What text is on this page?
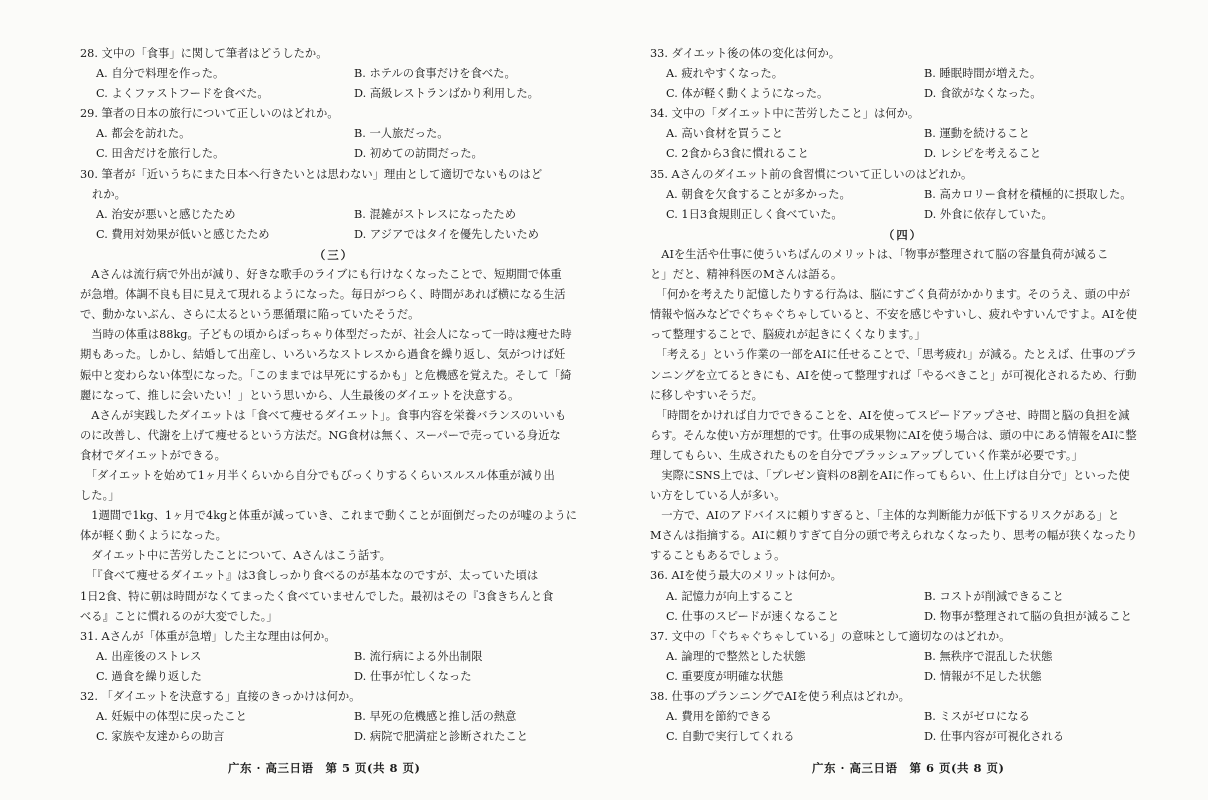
28. 文中の「食事」に関して筆者はどうしたか。
A. 自分で料理を作った。	B. ホテルの食事だけを食べた。
C. よくファストフードを食べた。	D. 高級レストランばかり利用した。
29. 筆者の日本の旅行について正しいのはどれか。
A. 都会を訪れた。	B. 一人旅だった。
C. 田舎だけを旅行した。	D. 初めての訪問だった。
30. 筆者が「近いうちにまた日本へ行きたいとは思わない」理由として適切でないものはど
れか。
A. 治安が悪いと感じたため	B. 混雑がストレスになったため
C. 費用対効果が低いと感じたため	D. アジアではタイを優先したいため
（三）
　Aさんは流行病で外出が減り、好きな歌手のライブにも行けなくなったことで、短期間で体重
が急増。体調不良も目に見えて現れるようになった。毎日がつらく、時間があれば横になる生活
で、動かないぶん、さらに太るという悪循環に陥っていたそうだ。
　当時の体重は88kg。子どもの頃からぽっちゃり体型だったが、社会人になって一時は痩せた時
期もあった。しかし、結婚して出産し、いろいろなストレスから過食を繰り返し、気がつけば妊
娠中と変わらない体型になった。「このままでは早死にするかも」と危機感を覚えた。そして「綺
麗になって、推しに会いたい！」という思いから、人生最後のダイエットを決意する。
　Aさんが実践したダイエットは「食べて痩せるダイエット」。食事内容を栄養バランスのいいも
のに改善し、代謝を上げて痩せるという方法だ。NG食材は無く、スーパーで売っている身近な
食材でダイエットができる。
　「ダイエットを始めて1ヶ月半くらいから自分でもびっくりするくらいスルスル体重が減り出
した。」
　1週間で1kg、1ヶ月で4kgと体重が減っていき、これまで動くことが面倒だったのが嘘のように
体が軽く動くようになった。
　ダイエット中に苦労したことについて、Aさんはこう話す。
　「『食べて痩せるダイエット』は3食しっかり食べるのが基本なのですが、太っていた頃は
1日2食、特に朝は時間がなくてまったく食べていませんでした。最初はその『3食きちんと食
べる』ことに慣れるのが大変でした。」
31. Aさんが「体重が急増」した主な理由は何か。
A. 出産後のストレス	B. 流行病による外出制限
C. 過食を繰り返した	D. 仕事が忙しくなった
32. 「ダイエットを決意する」直接のきっかけは何か。
A. 妊娠中の体型に戻ったこと	B. 早死の危機感と推し活の熱意
C. 家族や友達からの助言	D. 病院で肥満症と診断されたこと
33. ダイエット後の体の変化は何か。
A. 疲れやすくなった。	B. 睡眠時間が増えた。
C. 体が軽く動くようになった。	D. 食欲がなくなった。
34. 文中の「ダイエット中に苦労したこと」は何か。
A. 高い食材を買うこと	B. 運動を続けること
C. 2食から3食に慣れること	D. レシピを考えること
35. Aさんのダイエット前の食習慣について正しいのはどれか。
A. 朝食を欠食することが多かった。	B. 高カロリー食材を積極的に摂取した。
C. 1日3食規則正しく食べていた。	D. 外食に依存していた。
（四）
　AIを生活や仕事に使ういちばんのメリットは、「物事が整理されて脳の容量負荷が減るこ
と」だと、精神科医のMさんは語る。
　「何かを考えたり記憶したりする行為は、脳にすごく負荷がかかります。そのうえ、頭の中が
情報や悩みなどでぐちゃぐちゃしていると、不安を感じやすいし、疲れやすいんですよ。AIを使
って整理することで、脳疲れが起きにくくなります。」
　「考える」という作業の一部をAIに任せることで、「思考疲れ」が減る。たとえば、仕事のプラ
ンニングを立てるときにも、AIを使って整理すれば「やるべきこと」が可視化されるため、行動
に移しやすいそうだ。
　「時間をかければ自力でできることを、AIを使ってスピードアップさせ、時間と脳の負担を減
らす。そんな使い方が理想的です。仕事の成果物にAIを使う場合は、頭の中にある情報をAIに整
理してもらい、生成されたものを自分でブラッシュアップしていく作業が必要です。」
　実際にSNS上では、「プレゼン資料の8割をAIに作ってもらい、仕上げは自分で」といった使
い方をしている人が多い。
　一方で、AIのアドバイスに頼りすぎると、「主体的な判断能力が低下するリスクがある」と
Mさんは指摘する。AIに頼りすぎて自分の頭で考えられなくなったり、思考の幅が狭くなったり
することもあるでしょう。
36. AIを使う最大のメリットは何か。
A. 記憶力が向上すること	B. コストが削減できること
C. 仕事のスピードが速くなること	D. 物事が整理されて脳の負担が減ること
37. 文中の「ぐちゃぐちゃしている」の意味として適切なのはどれか。
A. 論理的で整然とした状態	B. 無秩序で混乱した状態
C. 重要度が明確な状態	D. 情報が不足した状態
38. 仕事のプランニングでAIを使う利点はどれか。
A. 費用を節約できる	B. ミスがゼロになる
C. 自動で実行してくれる	D. 仕事内容が可視化される
广东 · 高三日语　第 5 页(共 8 页)	广东 · 高三日语　第 6 页(共 8 页)
